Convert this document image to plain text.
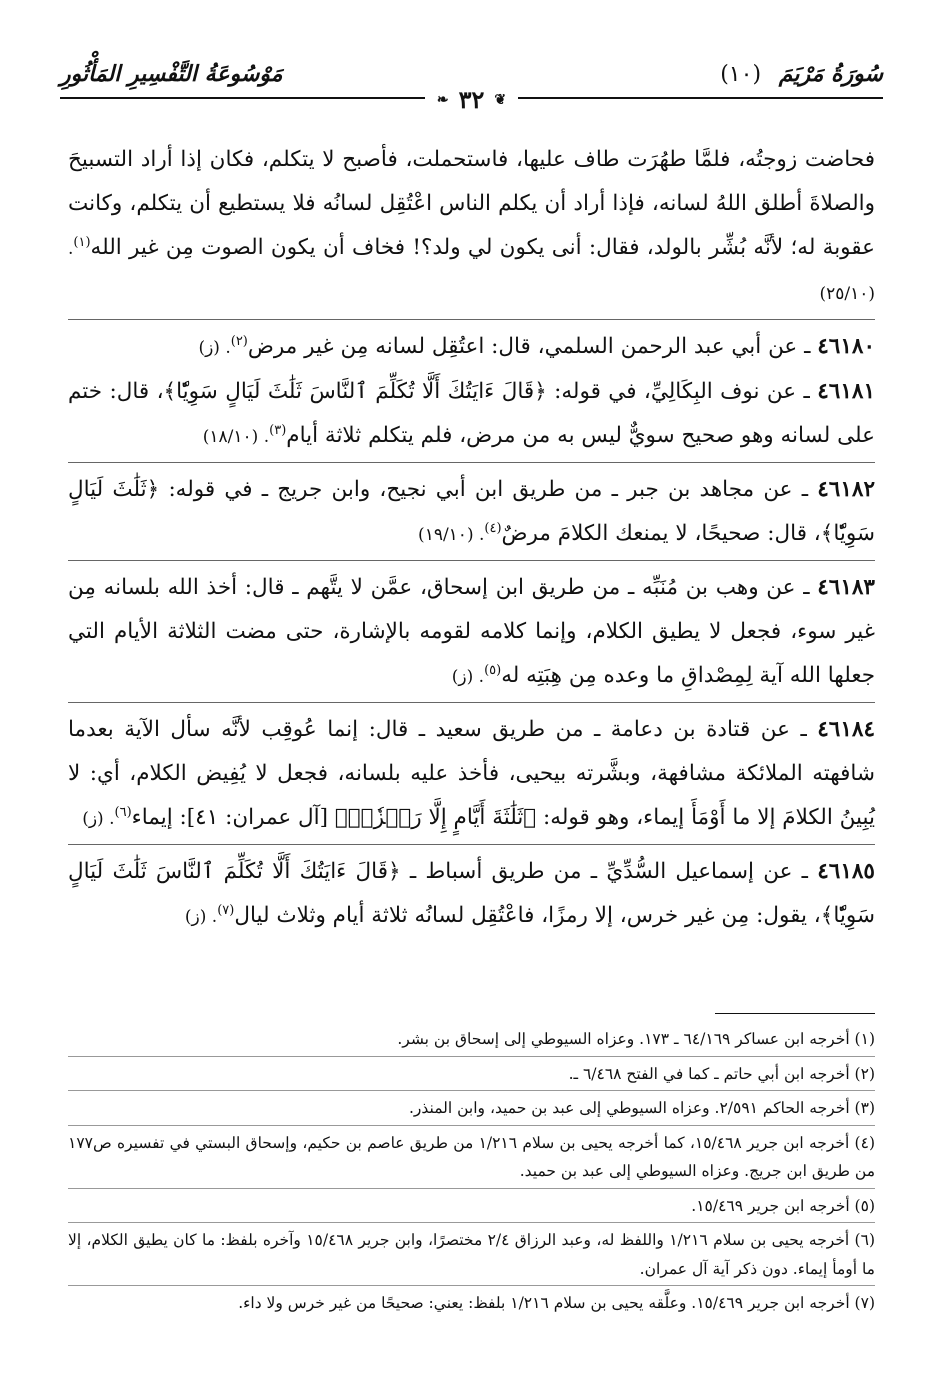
سُورَةُ مَرْيَمَ (١٠)
مَوْسُوعَةُ التَّفْسِيرِ المَأْثُورِ
❦
٣٢
❧

فحاضت زوجتُه، فلمَّا طهُرَت طاف عليها، فاستحملت، فأصبح لا يتكلم، فكان إذا أراد التسبيحَ والصلاةَ أطلق اللهُ لسانه، فإذا أراد أن يكلم الناس اعْتُقِل لسانُه فلا يستطيع أن يتكلم، وكانت عقوبة له؛ لأنَّه بُشِّر بالولد، فقال: أنى يكون لي ولد؟! فخاف أن يكون الصوت مِن غير الله$^{(١)}$. (٢٥/١٠)

٤٦١٨٠ ـ عن أبي عبد الرحمن السلمي، قال: اعتُقِل لسانه مِن غير مرض$^{(٢)}$. (ز)

٤٦١٨١ ـ عن نوف البِكَالِيِّ، في قوله: ﴿قَالَ ءَايَتُكَ أَلَّا تُكَلِّمَ ٱلنَّاسَ ثَلَٰثَ لَيَالٍ سَوِيّٗا﴾، قال: ختم على لسانه وهو صحيح سويٌّ ليس به من مرض، فلم يتكلم ثلاثة أيام$^{(٣)}$. (١٨/١٠)

٤٦١٨٢ ـ عن مجاهد بن جبر ـ من طريق ابن أبي نجيح، وابن جريج ـ في قوله: ﴿ثَلَٰثَ لَيَالٍ سَوِيّٗا﴾، قال: صحيحًا، لا يمنعك الكلامَ مرضٌ$^{(٤)}$. (١٩/١٠)

٤٦١٨٣ ـ عن وهب بن مُنَبِّه ـ من طريق ابن إسحاق، عمَّن لا يتَّهم ـ قال: أخذ الله بلسانه مِن غير سوء، فجعل لا يطيق الكلام، وإنما كلامه لقومه بالإشارة، حتى مضت الثلاثة الأيام التي جعلها الله آية لِمِصْداقِ ما وعده مِن هِبَتِه له$^{(٥)}$. (ز)

٤٦١٨٤ ـ عن قتادة بن دعامة ـ من طريق سعيد ـ قال: إنما عُوقِب لأنَّه سأل الآية بعدما شافهته الملائكة مشافهة، وبشَّرته بيحيى، فأخذ عليه بلسانه، فجعل لا يُفِيض الكلام، أي: لا يُبِينُ الكلامَ إلا ما أَوْمَأَ إيماء، وهو قوله: ﴿ثَلَٰثَةَ أَيَّامٍ إِلَّا رَمۡزٗاۗ﴾ [آل عمران: ٤١]: إيماء$^{(٦)}$. (ز)

٤٦١٨٥ ـ عن إسماعيل السُّدِّيِّ ـ من طريق أسباط ـ ﴿قَالَ ءَايَتُكَ أَلَّا تُكَلِّمَ ٱلنَّاسَ ثَلَٰثَ لَيَالٍ سَوِيّٗا﴾، يقول: مِن غير خرس، إلا رمزًا، فاعْتُقِل لسانُه ثلاثة أيام وثلاث ليال$^{(٧)}$. (ز)

(١) أخرجه ابن عساكر ٦٤/١٦٩ ـ ١٧٣. وعزاه السيوطي إلى إسحاق بن بشر.

(٢) أخرجه ابن أبي حاتم ـ كما في الفتح ٦/٤٦٨ ـ.

(٣) أخرجه الحاكم ٢/٥٩١. وعزاه السيوطي إلى عبد بن حميد، وابن المنذر.

(٤) أخرجه ابن جرير ١٥/٤٦٨، كما أخرجه يحيى بن سلام ١/٢١٦ من طريق عاصم بن حكيم، وإسحاق البستي في تفسيره ص١٧٧ من طريق ابن جريج. وعزاه السيوطي إلى عبد بن حميد.

(٥) أخرجه ابن جرير ١٥/٤٦٩.

(٦) أخرجه يحيى بن سلام ١/٢١٦ واللفظ له، وعبد الرزاق ٢/٤ مختصرًا، وابن جرير ١٥/٤٦٨ وآخره بلفظ: ما كان يطيق الكلام، إلا ما أومأ إيماء. دون ذكر آية آل عمران.

(٧) أخرجه ابن جرير ١٥/٤٦٩. وعلَّقه يحيى بن سلام ١/٢١٦ بلفظ: يعني: صحيحًا من غير خرس ولا داء.
